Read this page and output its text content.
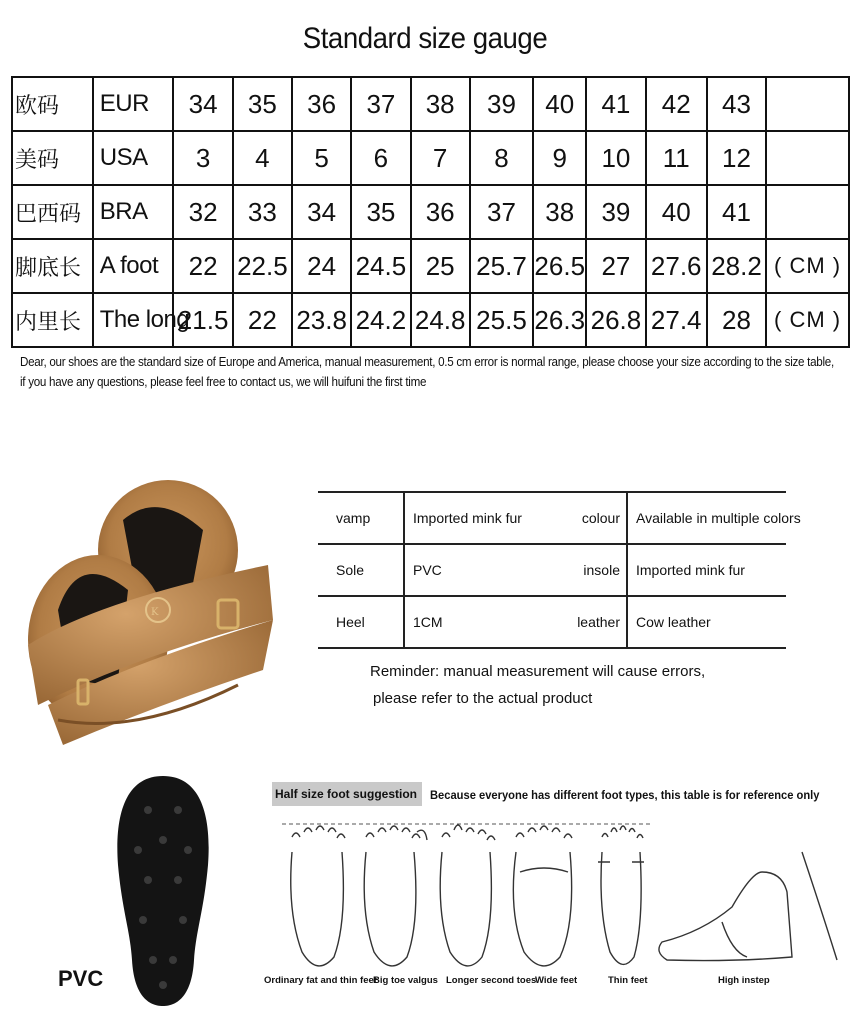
Standard size gauge
欧码	EUR	34	35	36	37	38	39	40	41	42	43	
美码	USA	3	4	5	6	7	8	9	10	11	12	
巴西码	BRA	32	33	34	35	36	37	38	39	40	41	
脚底长	A foot	22	22.5	24	24.5	25	25.7	26.5	27	27.6	28.2	( CM )
内里长	The long	21.5	22	23.8	24.2	24.8	25.5	26.3	26.8	27.4	28	( CM )
Dear, our shoes are the standard size of Europe and America, manual measurement, 0.5 cm error is normal range, please choose your size according to the size table,
if you have any questions, please feel free to contact us, we will huifuni the first time
K
vamp	Imported mink fur	colour	Available in multiple colors
Sole	PVC	insole	Imported mink fur
Heel	1CM	leather	Cow leather
Reminder: manual measurement will cause errors,
please refer to the actual product
PVC
Half size foot suggestion	Because everyone has different foot types, this table is for reference only
Ordinary fat and thin feet
Big toe valgus Longer second toes
Wide feet	Thin feet	High instep
